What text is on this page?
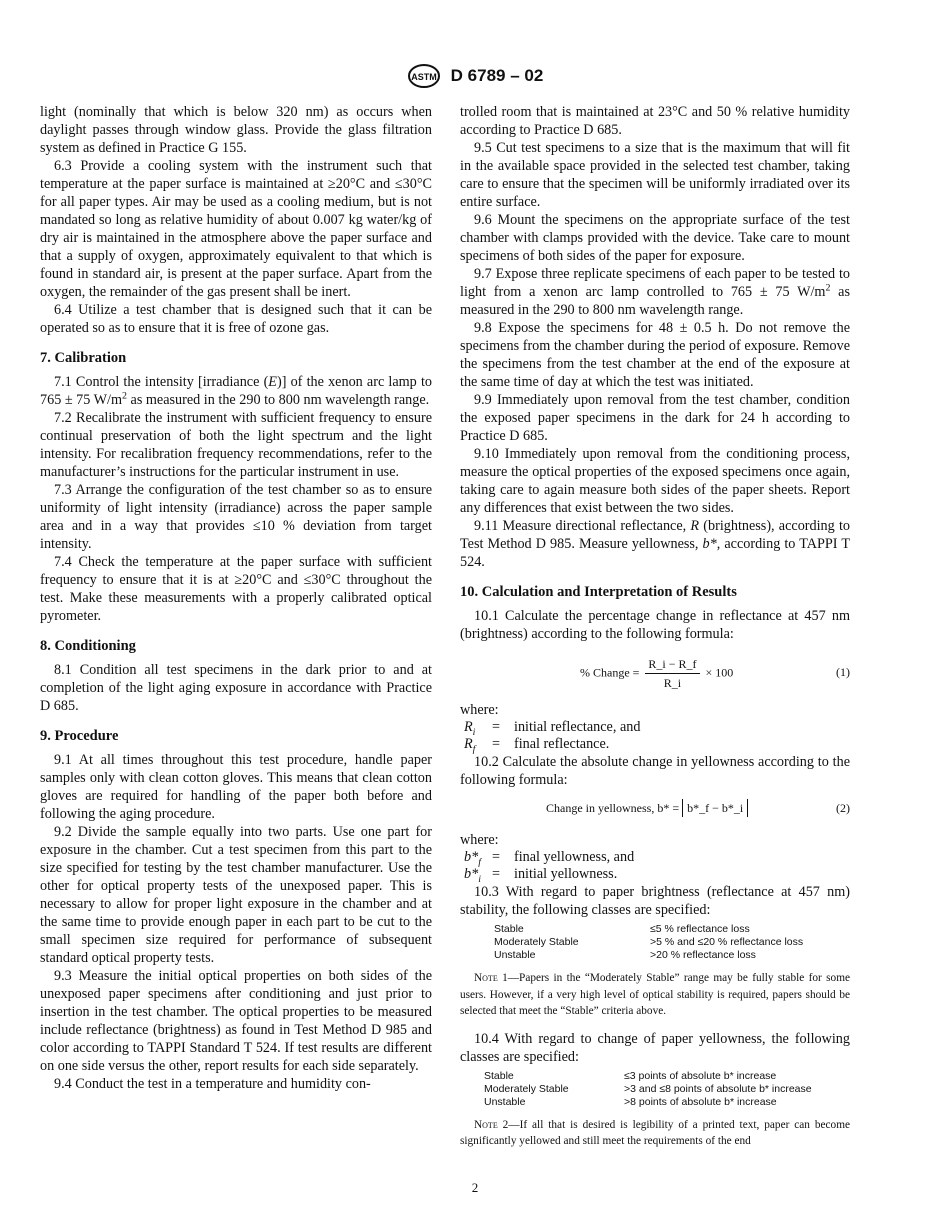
ASTM D 6789 – 02

light (nominally that which is below 320 nm) as occurs when daylight passes through window glass. Provide the glass filtration system as defined in Practice G 155.

6.3 Provide a cooling system with the instrument such that temperature at the paper surface is maintained at ≥20°C and ≤30°C for all paper types. Air may be used as a cooling medium, but is not mandated so long as relative humidity of about 0.007 kg water/kg of dry air is maintained in the atmosphere above the paper surface and that a supply of oxygen, approximately equivalent to that which is found in standard air, is present at the paper surface. Apart from the oxygen, the remainder of the gas present shall be inert.

6.4 Utilize a test chamber that is designed such that it can be operated so as to ensure that it is free of ozone gas.

7. Calibration

7.1 Control the intensity [irradiance (E)] of the xenon arc lamp to 765 ± 75 $W/m^2$ as measured in the 290 to 800 nm wavelength range.

7.2 Recalibrate the instrument with sufficient frequency to ensure continual preservation of both the light spectrum and the light intensity. For recalibration frequency recommendations, refer to the manufacturer’s instructions for the particular instrument in use.

7.3 Arrange the configuration of the test chamber so as to ensure uniformity of light intensity (irradiance) across the paper sample area and in a way that provides ≤10 % deviation from target intensity.

7.4 Check the temperature at the paper surface with sufficient frequency to ensure that it is at ≥20°C and ≤30°C throughout the test. Make these measurements with a properly calibrated optical pyrometer.

8. Conditioning

8.1 Condition all test specimens in the dark prior to and at completion of the light aging exposure in accordance with Practice D 685.

9. Procedure

9.1 At all times throughout this test procedure, handle paper samples only with clean cotton gloves. This means that clean cotton gloves are required for handling of the paper both before and following the aging procedure.

9.2 Divide the sample equally into two parts. Use one part for exposure in the chamber. Cut a test specimen from this part to the size specified for testing by the test chamber manufacturer. Use the other for optical property tests of the unexposed paper. This is necessary to allow for proper light exposure in the chamber and at the same time to provide enough paper in each part to be cut to the small specimen size required for performance of subsequent standard optical property tests.

9.3 Measure the initial optical properties on both sides of the unexposed paper specimens after conditioning and just prior to insertion in the test chamber. The optical properties to be measured include reflectance (brightness) as found in Test Method D 985 and color according to TAPPI Standard T 524. If test results are different on one side versus the other, report results for each side separately.

9.4 Conduct the test in a temperature and humidity con-

trolled room that is maintained at 23°C and 50 % relative humidity according to Practice D 685.

9.5 Cut test specimens to a size that is the maximum that will fit in the available space provided in the selected test chamber, taking care to ensure that the specimen will be uniformly irradiated over its entire surface.

9.6 Mount the specimens on the appropriate surface of the test chamber with clamps provided with the device. Take care to mount specimens of both sides of the paper for exposure.

9.7 Expose three replicate specimens of each paper to be tested to light from a xenon arc lamp controlled to 765 ± 75 $W/m^2$ as measured in the 290 to 800 nm wavelength range.

9.8 Expose the specimens for 48 ± 0.5 h. Do not remove the specimens from the chamber during the period of exposure. Remove the specimens from the test chamber at the end of the exposure at the same time of day at which the test was initiated.

9.9 Immediately upon removal from the test chamber, condition the exposed paper specimens in the dark for 24 h according to Practice D 685.

9.10 Immediately upon removal from the conditioning process, measure the optical properties of the exposed specimens once again, taking care to again measure both sides of the paper sheets. Report any differences that exist between the two sides.

9.11 Measure directional reflectance, R (brightness), according to Test Method D 985. Measure yellowness, b*, according to TAPPI T 524.

10. Calculation and Interpretation of Results

10.1 Calculate the percentage change in reflectance at 457 nm (brightness) according to the following formula:

% Change = $\frac{R\_i - R\_f}{R\_i} \times 100$	(1)
where:
$R_i$	= initial reflectance, and
$R_f$	= final reflectance.

10.2 Calculate the absolute change in yellowness according to the following formula:

Change in yellowness, b* = b*_f − b*_i	(2)
where:
$b*_f$ = final yellowness, and
$b*_i$ = initial yellowness.

10.3 With regard to paper brightness (reflectance at 457 nm) stability, the following classes are specified:

Stable	≤5 % reflectance loss
Moderately Stable	>5 % and ≤20 % reflectance loss
Unstable	>20 % reflectance loss
Note 1—Papers in the “Moderately Stable” range may be fully stable for some users. However, if a very high level of optical stability is required, papers should be selected that meet the “Stable” criteria above.

10.4 With regard to change of paper yellowness, the following classes are specified:

Stable	≤3 points of absolute b* increase
Moderately Stable	>3 and ≤8 points of absolute b* increase
Unstable	>8 points of absolute b* increase
Note 2—If all that is desired is legibility of a printed text, paper can become significantly yellowed and still meet the requirements of the end
2
